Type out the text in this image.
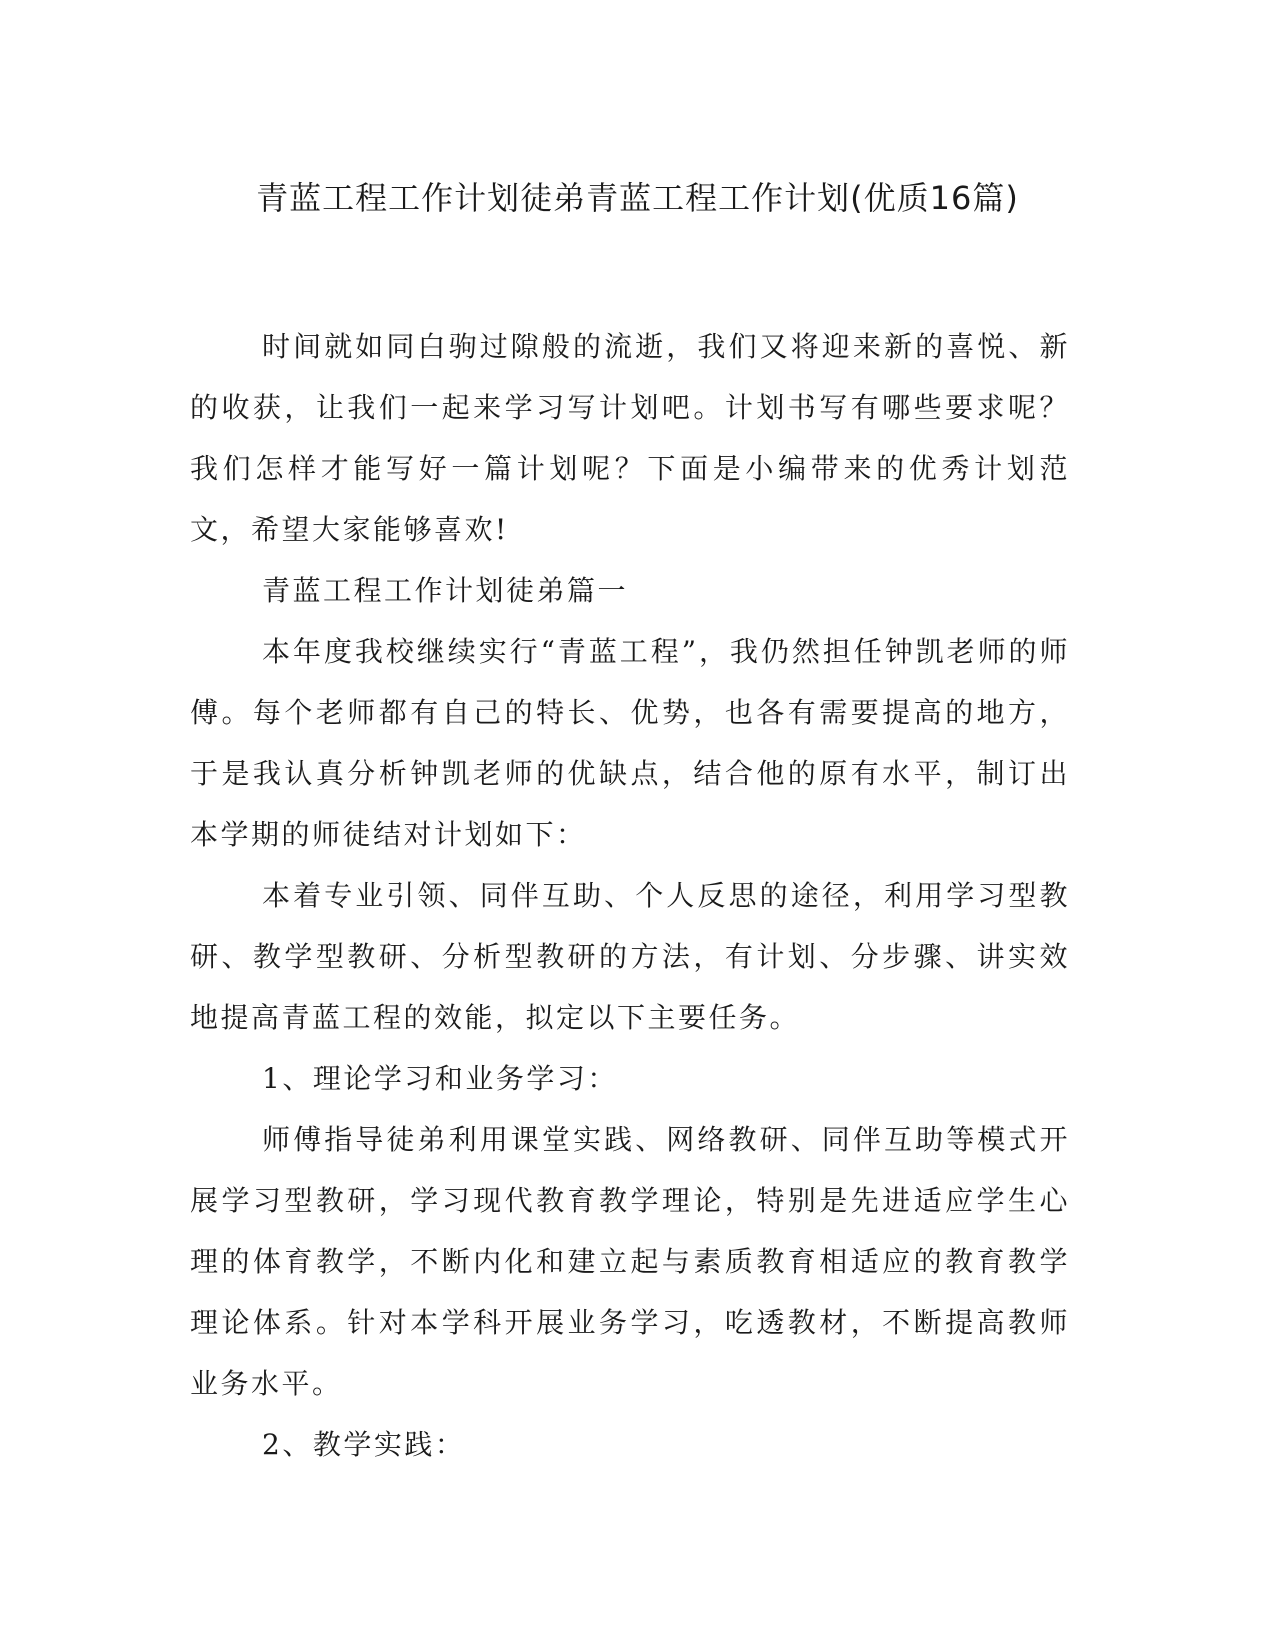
青蓝工程工作计划徒弟青蓝工程工作计划(优质16篇)

时间就如同白驹过隙般的流逝，我们又将迎来新的喜悦、新的收获，让我们一起来学习写计划吧。计划书写有哪些要求呢？我们怎样才能写好一篇计划呢？下面是小编带来的优秀计划范文，希望大家能够喜欢!

青蓝工程工作计划徒弟篇一

本年度我校继续实行“青蓝工程”，我仍然担任钟凯老师的师傅。每个老师都有自己的特长、优势，也各有需要提高的地方，于是我认真分析钟凯老师的优缺点，结合他的原有水平，制订出本学期的师徒结对计划如下：

本着专业引领、同伴互助、个人反思的途径，利用学习型教研、教学型教研、分析型教研的方法，有计划、分步骤、讲实效地提高青蓝工程的效能，拟定以下主要任务。

1、理论学习和业务学习：

师傅指导徒弟利用课堂实践、网络教研、同伴互助等模式开展学习型教研，学习现代教育教学理论，特别是先进适应学生心理的体育教学，不断内化和建立起与素质教育相适应的教育教学理论体系。针对本学科开展业务学习，吃透教材，不断提高教师业务水平。

2、教学实践：
